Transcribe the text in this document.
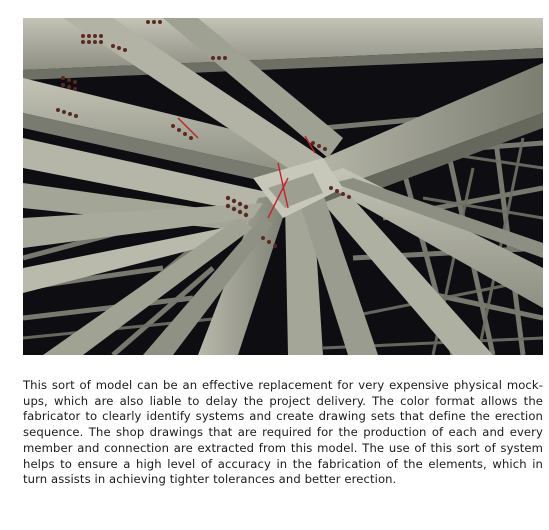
This sort of model can be an effective replacement for very expensive physical mock-ups, which are also liable to delay the project delivery. The color format allows the fabricator to clearly identify systems and create drawing sets that define the erection sequence. The shop drawings that are required for the production of each and every member and connection are extracted from this model. The use of this sort of system helps to ensure a high level of accuracy in the fabrication of the elements, which in turn assists in achieving tighter tolerances and better erection.
